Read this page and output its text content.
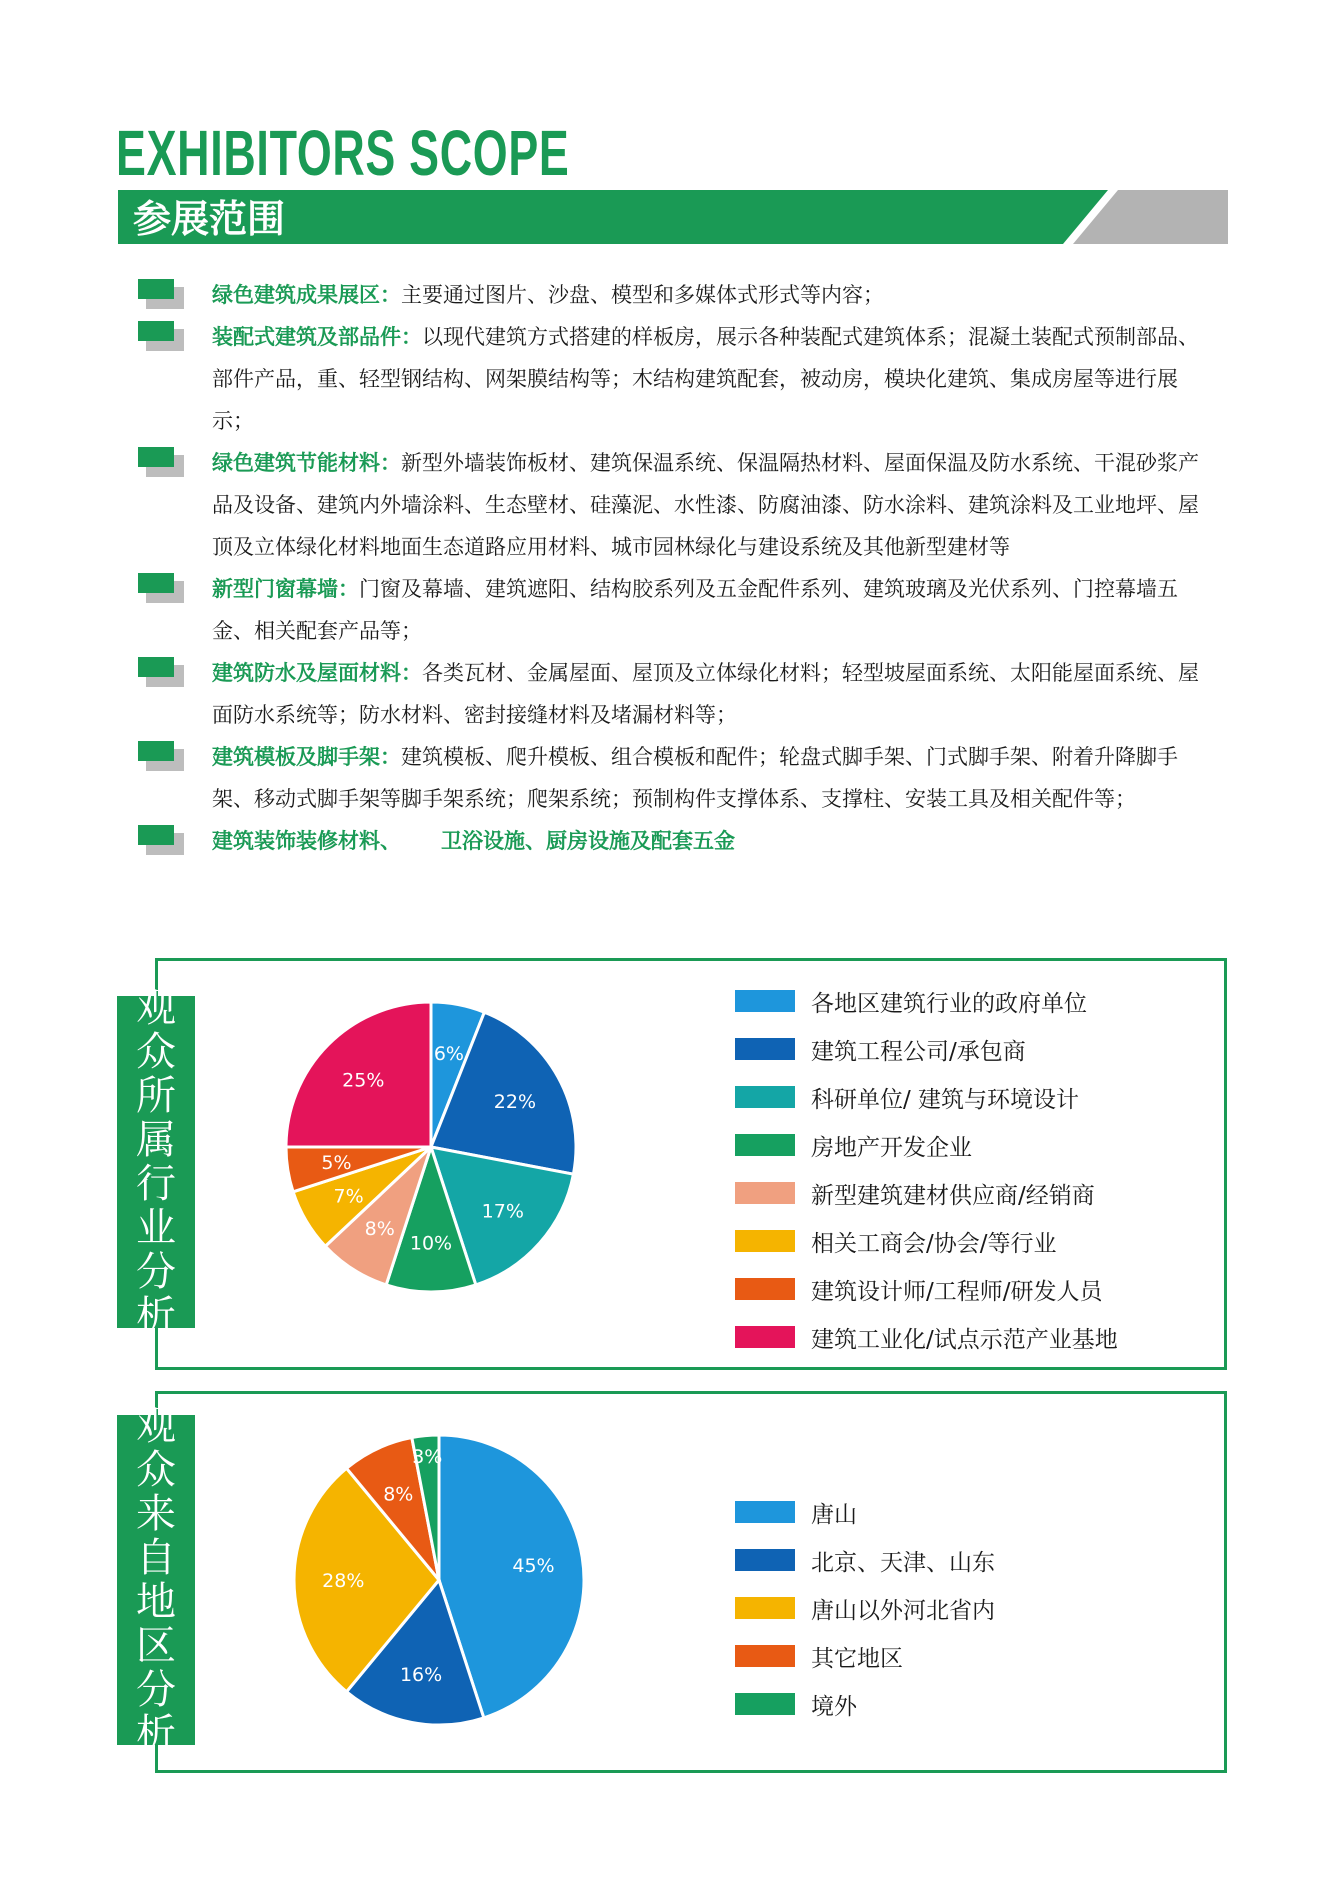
EXHIBITORS SCOPE
参展范围
绿色建筑成果展区：主要通过图片、沙盘、模型和多媒体式形式等内容；
装配式建筑及部品件：以现代建筑方式搭建的样板房，展示各种装配式建筑体系；混凝土装配式预制部品、部件产品，重、轻型钢结构、网架膜结构等；木结构建筑配套，被动房，模块化建筑、集成房屋等进行展示；
绿色建筑节能材料：新型外墙装饰板材、建筑保温系统、保温隔热材料、屋面保温及防水系统、干混砂浆产品及设备、建筑内外墙涂料、生态壁材、硅藻泥、水性漆、防腐油漆、防水涂料、建筑涂料及工业地坪、屋顶及立体绿化材料地面生态道路应用材料、城市园林绿化与建设系统及其他新型建材等
新型门窗幕墙：门窗及幕墙、建筑遮阳、结构胶系列及五金配件系列、建筑玻璃及光伏系列、门控幕墙五金、相关配套产品等；
建筑防水及屋面材料：各类瓦材、金属屋面、屋顶及立体绿化材料；轻型坡屋面系统、太阳能屋面系统、屋面防水系统等；防水材料、密封接缝材料及堵漏材料等；
建筑模板及脚手架：建筑模板、爬升模板、组合模板和配件；轮盘式脚手架、门式脚手架、附着升降脚手架、移动式脚手架等脚手架系统；爬架系统；预制构件支撑体系、支撑柱、安装工具及相关配件等；
建筑装饰装修材料、 卫浴设施、厨房设施及配套五金
观
众
所
属
行
业
分
析
6%
22%
17%
10%
8%
7%
5%
25%
各地区建筑行业的政府单位
建筑工程公司/承包商
科研单位/ 建筑与环境设计
房地产开发企业
新型建筑建材供应商/经销商
相关工商会/协会/等行业
建筑设计师/工程师/研发人员
建筑工业化/试点示范产业基地
观
众
来
自
地
区
分
析
45%
16%
28%
8%
3%
唐山
北京、天津、山东
唐山以外河北省内
其它地区
境外
